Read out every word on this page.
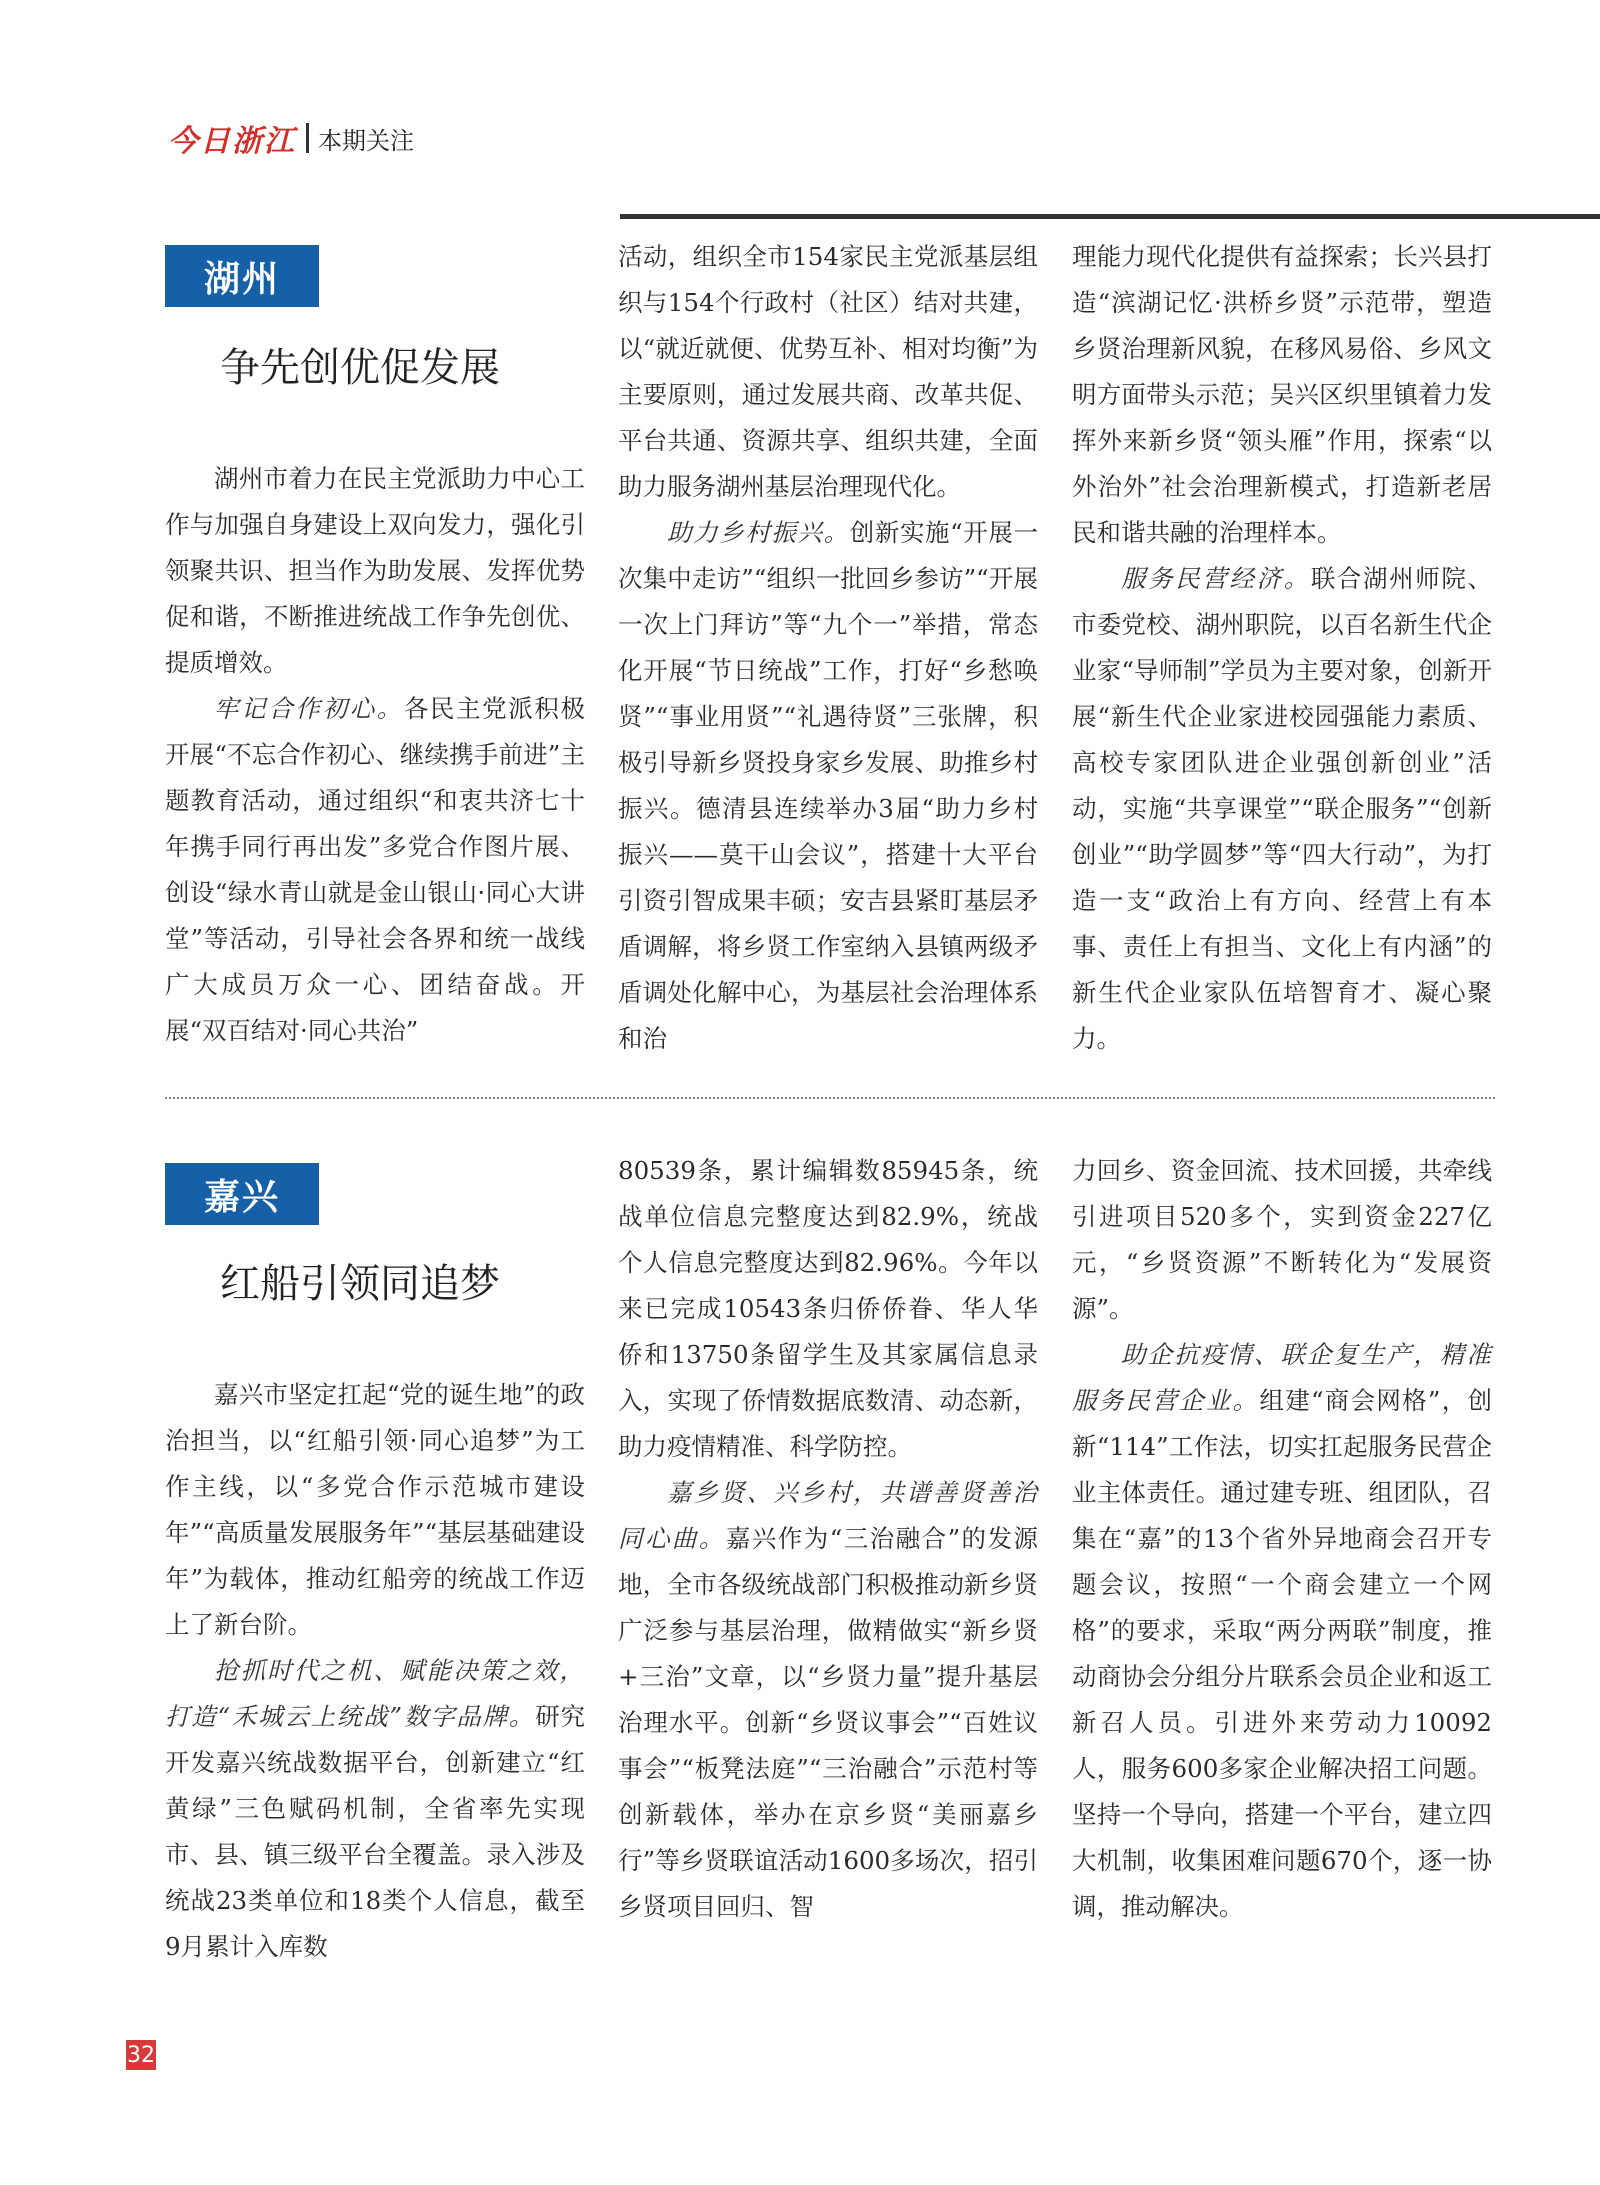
今日浙江 本期关注
湖州
争先创优促发展

湖州市着力在民主党派助力中心工作与加强自身建设上双向发力，强化引领聚共识、担当作为助发展、发挥优势促和谐，不断推进统战工作争先创优、提质增效。

牢记合作初心。各民主党派积极开展“不忘合作初心、继续携手前进”主题教育活动，通过组织“和衷共济七十年携手同行再出发”多党合作图片展、创设“绿水青山就是金山银山·同心大讲堂”等活动，引导社会各界和统一战线广大成员万众一心、团结奋战。开展“双百结对·同心共治”

活动，组织全市154家民主党派基层组织与154个行政村（社区）结对共建，以“就近就便、优势互补、相对均衡”为主要原则，通过发展共商、改革共促、平台共通、资源共享、组织共建，全面助力服务湖州基层治理现代化。

助力乡村振兴。创新实施“开展一次集中走访”“组织一批回乡参访”“开展一次上门拜访”等“九个一”举措，常态化开展“节日统战”工作，打好“乡愁唤贤”“事业用贤”“礼遇待贤”三张牌，积极引导新乡贤投身家乡发展、助推乡村振兴。德清县连续举办3届“助力乡村振兴——莫干山会议”，搭建十大平台引资引智成果丰硕；安吉县紧盯基层矛盾调解，将乡贤工作室纳入县镇两级矛盾调处化解中心，为基层社会治理体系和治

理能力现代化提供有益探索；长兴县打造“滨湖记忆·洪桥乡贤”示范带，塑造乡贤治理新风貌，在移风易俗、乡风文明方面带头示范；吴兴区织里镇着力发挥外来新乡贤“领头雁”作用，探索“以外治外”社会治理新模式，打造新老居民和谐共融的治理样本。

服务民营经济。联合湖州师院、市委党校、湖州职院，以百名新生代企业家“导师制”学员为主要对象，创新开展“新生代企业家进校园强能力素质、高校专家团队进企业强创新创业”活动，实施“共享课堂”“联企服务”“创新创业”“助学圆梦”等“四大行动”，为打造一支“政治上有方向、经营上有本事、责任上有担当、文化上有内涵”的新生代企业家队伍培智育才、凝心聚力。

嘉兴
红船引领同追梦

嘉兴市坚定扛起“党的诞生地”的政治担当，以“红船引领·同心追梦”为工作主线，以“多党合作示范城市建设年”“高质量发展服务年”“基层基础建设年”为载体，推动红船旁的统战工作迈上了新台阶。

抢抓时代之机、赋能决策之效，打造“禾城云上统战”数字品牌。研究开发嘉兴统战数据平台，创新建立“红黄绿”三色赋码机制，全省率先实现市、县、镇三级平台全覆盖。录入涉及统战23类单位和18类个人信息，截至9月累计入库数

80539条，累计编辑数85945条，统战单位信息完整度达到82.9%，统战个人信息完整度达到82.96%。今年以来已完成10543条归侨侨眷、华人华侨和13750条留学生及其家属信息录入，实现了侨情数据底数清、动态新，助力疫情精准、科学防控。

嘉乡贤、兴乡村，共谱善贤善治同心曲。嘉兴作为“三治融合”的发源地，全市各级统战部门积极推动新乡贤广泛参与基层治理，做精做实“新乡贤+三治”文章，以“乡贤力量”提升基层治理水平。创新“乡贤议事会”“百姓议事会”“板凳法庭”“三治融合”示范村等创新载体，举办在京乡贤“美丽嘉乡行”等乡贤联谊活动1600多场次，招引乡贤项目回归、智

力回乡、资金回流、技术回援，共牵线引进项目520多个，实到资金227亿元，“乡贤资源”不断转化为“发展资源”。

助企抗疫情、联企复生产，精准服务民营企业。组建“商会网格”，创新“114”工作法，切实扛起服务民营企业主体责任。通过建专班、组团队，召集在“嘉”的13个省外异地商会召开专题会议，按照“一个商会建立一个网格”的要求，采取“两分两联”制度，推动商协会分组分片联系会员企业和返工新召人员。引进外来劳动力10092人，服务600多家企业解决招工问题。坚持一个导向，搭建一个平台，建立四大机制，收集困难问题670个，逐一协调，推动解决。

32
